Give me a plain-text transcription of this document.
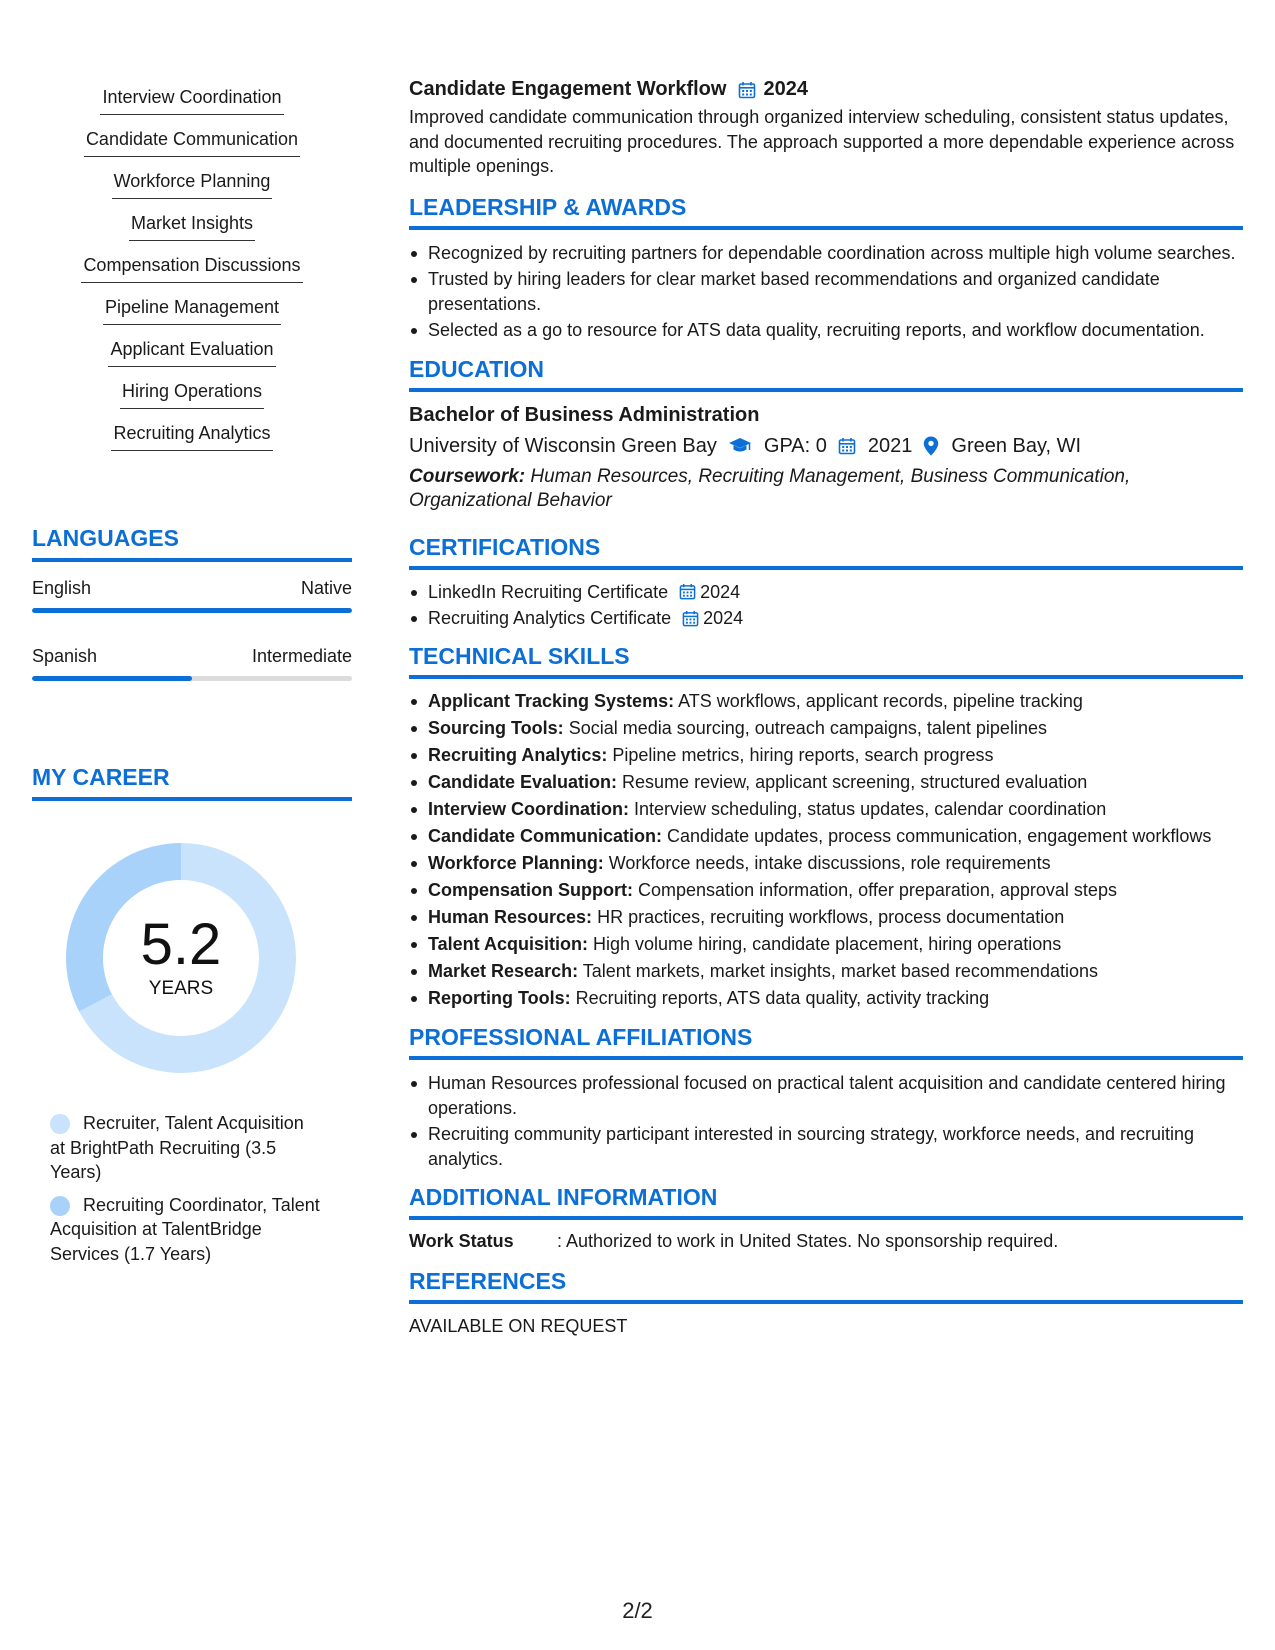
Interview Coordination
Candidate Communication
Workforce Planning
Market Insights
Compensation Discussions
Pipeline Management
Applicant Evaluation
Hiring Operations
Recruiting Analytics
LANGUAGES
English	Native
Spanish	Intermediate
MY CAREER
5.2
YEARS
Recruiter, Talent Acquisition at BrightPath Recruiting (3.5 Years)
Recruiting Coordinator, Talent Acquisition at TalentBridge Services (1.7 Years)
Candidate Engagement Workflow 2024
Improved candidate communication through organized interview scheduling, consistent status updates, and documented recruiting procedures. The approach supported a more dependable experience across multiple openings.
LEADERSHIP & AWARDS
Recognized by recruiting partners for dependable coordination across multiple high volume searches.
Trusted by hiring leaders for clear market based recommendations and organized candidate presentations.
Selected as a go to resource for ATS data quality, recruiting reports, and workflow documentation.
EDUCATION
Bachelor of Business Administration
University of Wisconsin Green Bay GPA: 0 2021 Green Bay, WI
Coursework: Human Resources, Recruiting Management, Business Communication, Organizational Behavior
CERTIFICATIONS
LinkedIn Recruiting Certificate 2024
Recruiting Analytics Certificate 2024
TECHNICAL SKILLS
Applicant Tracking Systems: ATS workflows, applicant records, pipeline tracking
Sourcing Tools: Social media sourcing, outreach campaigns, talent pipelines
Recruiting Analytics: Pipeline metrics, hiring reports, search progress
Candidate Evaluation: Resume review, applicant screening, structured evaluation
Interview Coordination: Interview scheduling, status updates, calendar coordination
Candidate Communication: Candidate updates, process communication, engagement workflows
Workforce Planning: Workforce needs, intake discussions, role requirements
Compensation Support: Compensation information, offer preparation, approval steps
Human Resources: HR practices, recruiting workflows, process documentation
Talent Acquisition: High volume hiring, candidate placement, hiring operations
Market Research: Talent markets, market insights, market based recommendations
Reporting Tools: Recruiting reports, ATS data quality, activity tracking
PROFESSIONAL AFFILIATIONS
Human Resources professional focused on practical talent acquisition and candidate centered hiring operations.
Recruiting community participant interested in sourcing strategy, workforce needs, and recruiting analytics.
ADDITIONAL INFORMATION
Work Status	: Authorized to work in United States. No sponsorship required.
REFERENCES
AVAILABLE ON REQUEST
2/2
